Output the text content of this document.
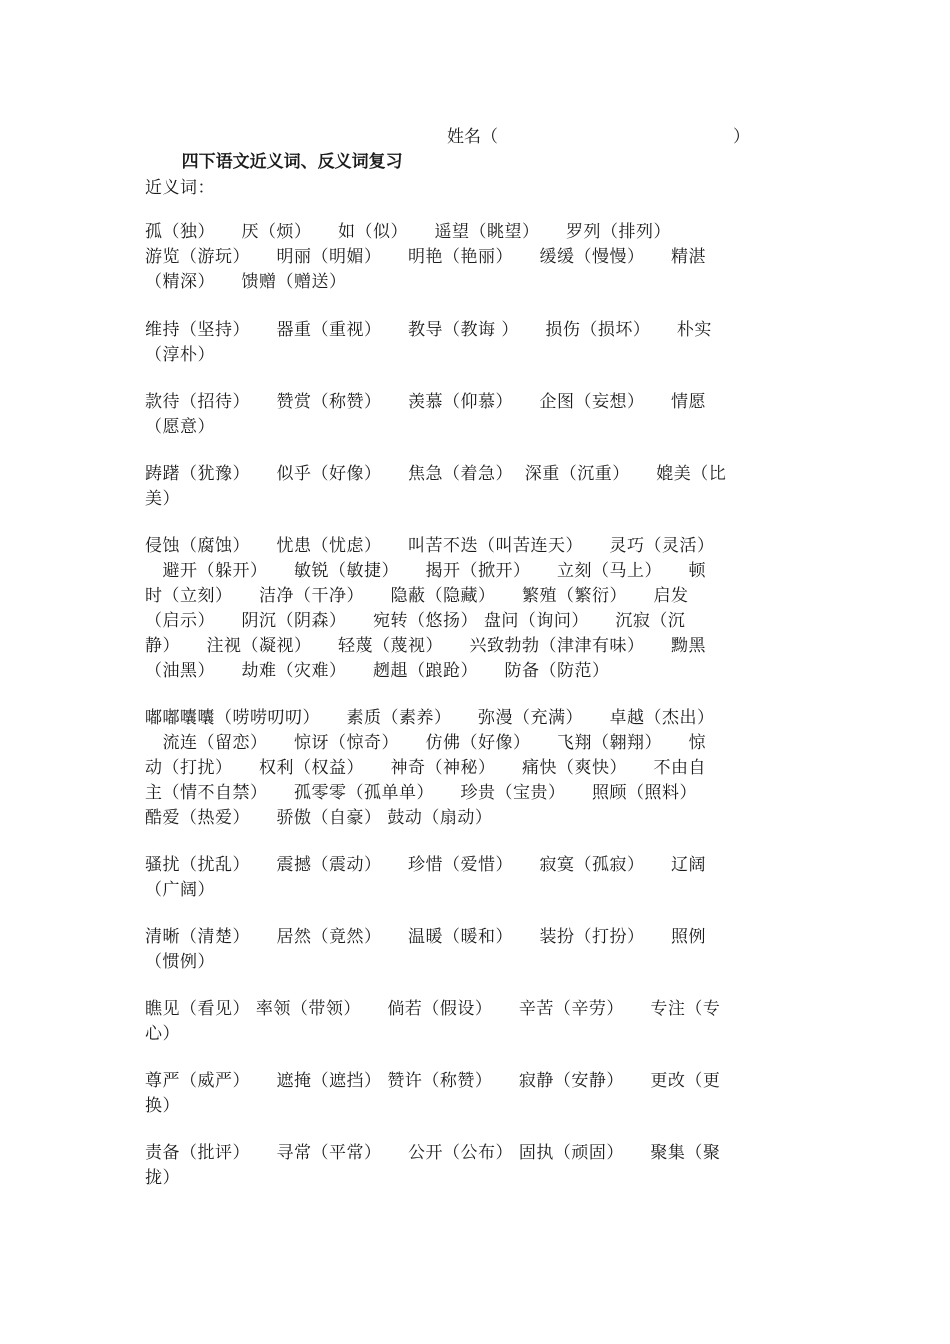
四下语文近义词、反义词复习

姓名（	）
近义词：
孤（独）　　厌（烦）　　如（似）　　遥望（眺望）　　罗列（排列）
游览（游玩）　　明丽（明媚）　　明艳（艳丽）　　缓缓（慢慢）　　精湛
（精深）　　馈赠（赠送）
维持（坚持）　　器重（重视）　　教导（教诲 ）　　损伤（损坏）　　朴实
（淳朴）
款待（招待）　　赞赏（称赞）　　羡慕（仰慕）　　企图（妄想）　　情愿
（愿意）
踌躇（犹豫）　　似乎（好像）　　焦急（着急）  深重（沉重）　　媲美（比
美）
侵蚀（腐蚀）　　忧患（忧虑）　　叫苦不迭（叫苦连天）　　灵巧（灵活）
　避开（躲开）　　敏锐（敏捷）　　揭开（掀开）　　立刻（马上）　　顿
时（立刻）　　洁净（干净）　　隐蔽（隐藏）　　繁殖（繁衍）　　启发
（启示）　　阴沉（阴森）　　宛转（悠扬） 盘问（询问）　　沉寂（沉
静）　　注视（凝视）　　轻蔑（蔑视）　　兴致勃勃（津津有味）　　黝黑
（油黑）　　劫难（灾难）　　趔趄（踉跄）　　防备（防范）
嘟嘟囔囔（唠唠叨叨）　　素质（素养）　　弥漫（充满）　　卓越（杰出）
　流连（留恋）　　惊讶（惊奇）　　仿佛（好像）　　飞翔（翱翔）　　惊
动（打扰）　　权利（权益）　　神奇（神秘）　　痛快（爽快）　　不由自
主（情不自禁）　　孤零零（孤单单）　　珍贵（宝贵）　　照顾（照料）
酷爱（热爱）　　骄傲（自豪） 鼓动（扇动）
骚扰（扰乱）　　震撼（震动）　　珍惜（爱惜）　　寂寞（孤寂）　　辽阔
（广阔）
清晰（清楚）　　居然（竟然）　　温暖（暖和）　　装扮（打扮）　　照例
（惯例）
瞧见（看见） 率领（带领）　　倘若（假设）　　辛苦（辛劳）　　专注（专
心）
尊严（威严）　　遮掩（遮挡） 赞许（称赞）　　寂静（安静）　　更改（更
换）
责备（批评）　　寻常（平常）　　公开（公布） 固执（顽固）　　聚集（聚
拢）
